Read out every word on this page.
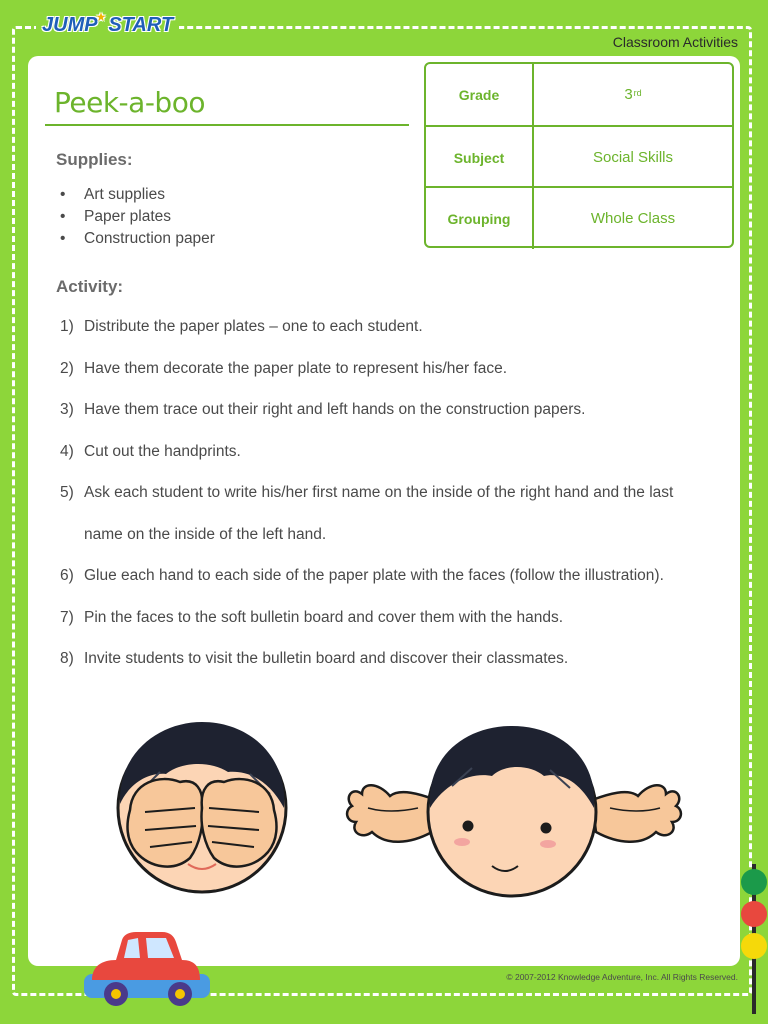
JUMP★ START
Classroom Activities
Peek-a-boo
Supplies:
• Art supplies
• Paper plates
• Construction paper
Grade	3rd
Subject	Social Skills
Grouping	Whole Class
Activity:
1) Distribute the paper plates – one to each student.
2) Have them decorate the paper plate to represent his/her face.
3) Have them trace out their right and left hands on the construction papers.
4) Cut out the handprints.
5) Ask each student to write his/her first name on the inside of the right hand and the last
name on the inside of the left hand.
6) Glue each hand to each side of the paper plate with the faces (follow the illustration).
7) Pin the faces to the soft bulletin board and cover them with the hands.
8) Invite students to visit the bulletin board and discover their classmates.
© 2007-2012 Knowledge Adventure, Inc. All Rights Reserved.
